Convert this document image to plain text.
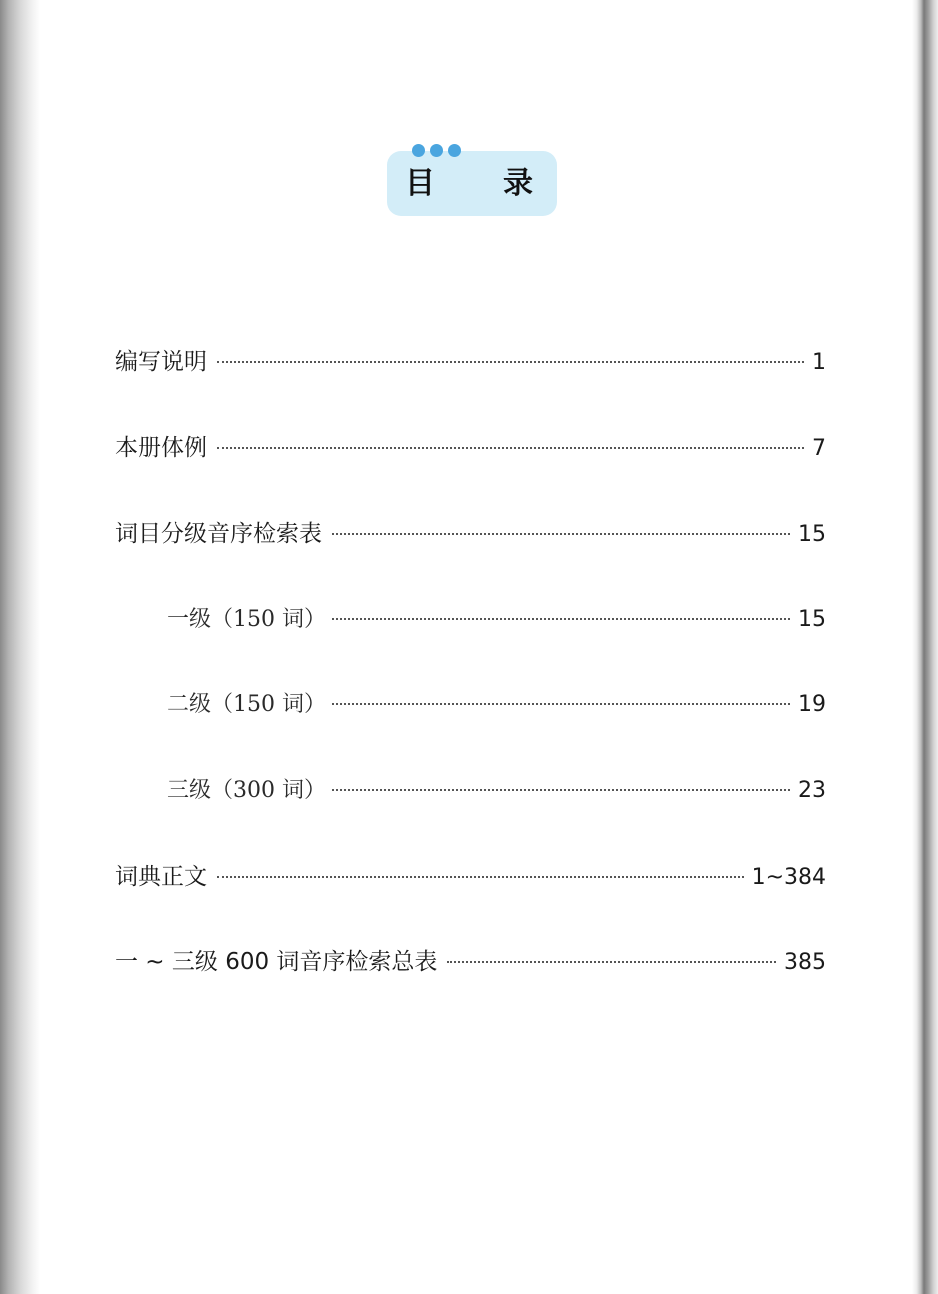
目 录
编写说明	1
本册体例	7
词目分级音序检索表	15
一级（150 词）	15
二级（150 词）	19
三级（300 词）	23
词典正文	1~384
一 ~ 三级 600 词音序检索总表	385
